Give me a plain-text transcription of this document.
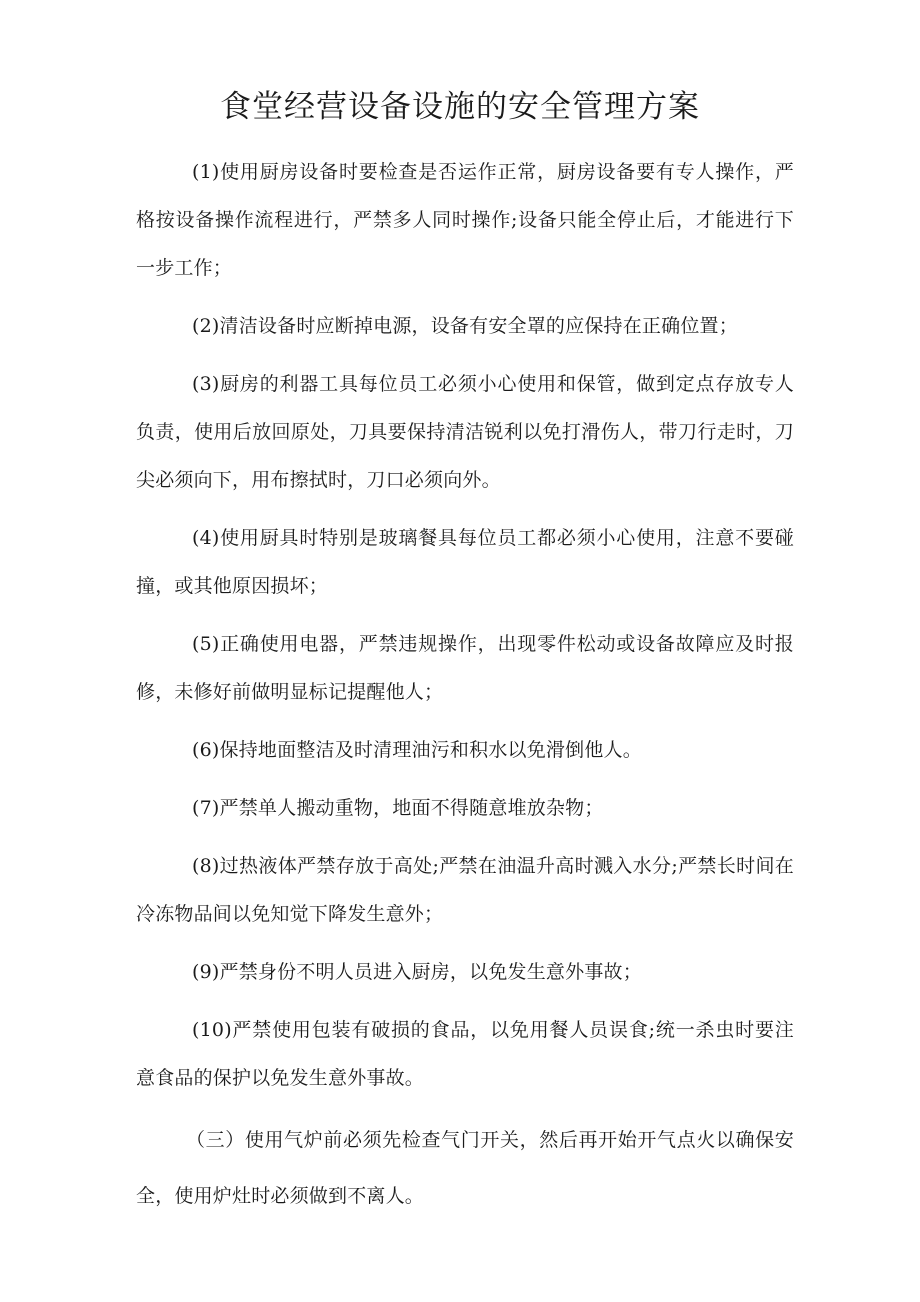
食堂经营设备设施的安全管理方案

(1)使用厨房设备时要检查是否运作正常，厨房设备要有专人操作，严格按设备操作流程进行，严禁多人同时操作;设备只能全停止后，才能进行下一步工作；

(2)清洁设备时应断掉电源，设备有安全罩的应保持在正确位置；

(3)厨房的利器工具每位员工必须小心使用和保管，做到定点存放专人负责，使用后放回原处，刀具要保持清洁锐利以免打滑伤人，带刀行走时，刀尖必须向下，用布擦拭时，刀口必须向外。

(4)使用厨具时特别是玻璃餐具每位员工都必须小心使用，注意不要碰撞，或其他原因损坏；

(5)正确使用电器，严禁违规操作，出现零件松动或设备故障应及时报修，未修好前做明显标记提醒他人；

(6)保持地面整洁及时清理油污和积水以免滑倒他人。

(7)严禁单人搬动重物，地面不得随意堆放杂物；

(8)过热液体严禁存放于高处;严禁在油温升高时溅入水分;严禁长时间在冷冻物品间以免知觉下降发生意外；

(9)严禁身份不明人员进入厨房，以免发生意外事故；

(10)严禁使用包装有破损的食品，以免用餐人员误食;统一杀虫时要注意食品的保护以免发生意外事故。

（三）使用气炉前必须先检查气门开关，然后再开始开气点火以确保安全，使用炉灶时必须做到不离人。
